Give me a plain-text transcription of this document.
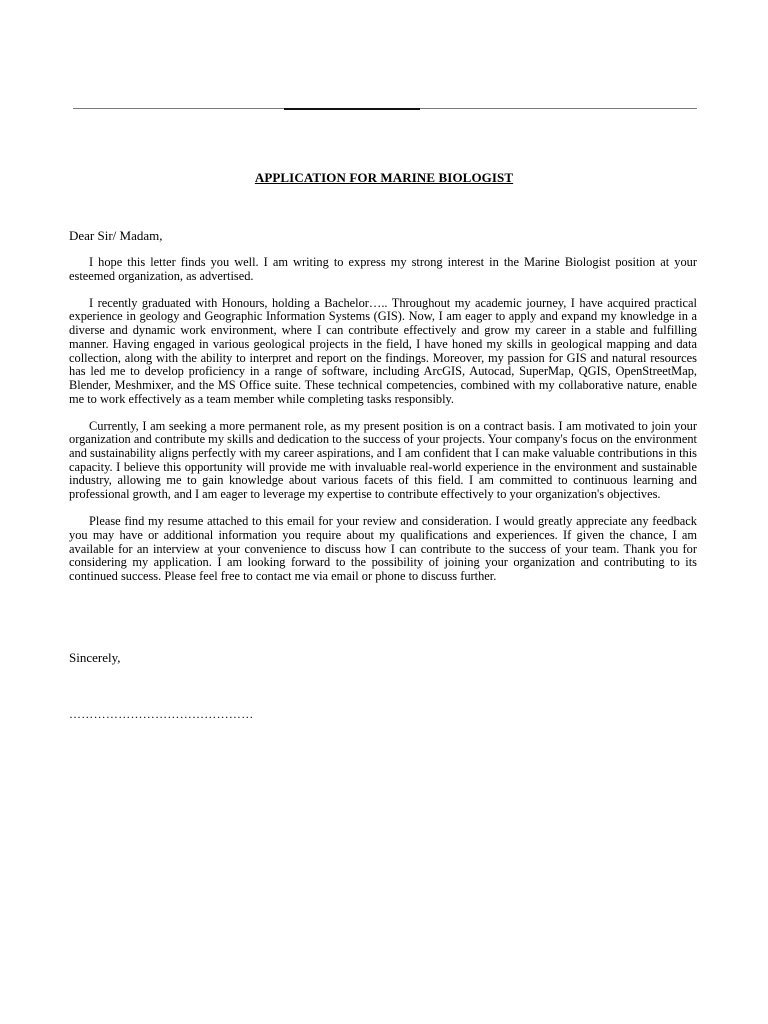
APPLICATION FOR MARINE BIOLOGIST
Dear Sir/ Madam,

I hope this letter finds you well. I am writing to express my strong interest in the Marine Biologist position at your esteemed organization, as advertised.

I recently graduated with Honours, holding a Bachelor….. Throughout my academic journey, I have acquired practical experience in geology and Geographic Information Systems (GIS). Now, I am eager to apply and expand my knowledge in a diverse and dynamic work environment, where I can contribute effectively and grow my career in a stable and fulfilling manner. Having engaged in various geological projects in the field, I have honed my skills in geological mapping and data collection, along with the ability to interpret and report on the findings. Moreover, my passion for GIS and natural resources has led me to develop proficiency in a range of software, including ArcGIS, Autocad, SuperMap, QGIS, OpenStreetMap, Blender, Meshmixer, and the MS Office suite. These technical competencies, combined with my collaborative nature, enable me to work effectively as a team member while completing tasks responsibly.

Currently, I am seeking a more permanent role, as my present position is on a contract basis. I am motivated to join your organization and contribute my skills and dedication to the success of your projects. Your company's focus on the environment and sustainability aligns perfectly with my career aspirations, and I am confident that I can make valuable contributions in this capacity. I believe this opportunity will provide me with invaluable real-world experience in the environment and sustainable industry, allowing me to gain knowledge about various facets of this field. I am committed to continuous learning and professional growth, and I am eager to leverage my expertise to contribute effectively to your organization's objectives.

Please find my resume attached to this email for your review and consideration. I would greatly appreciate any feedback you may have or additional information you require about my qualifications and experiences. If given the chance, I am available for an interview at your convenience to discuss how I can contribute to the success of your team. Thank you for considering my application. I am looking forward to the possibility of joining your organization and contributing to its continued success. Please feel free to contact me via email or phone to discuss further.

Sincerely,
………………………………………
